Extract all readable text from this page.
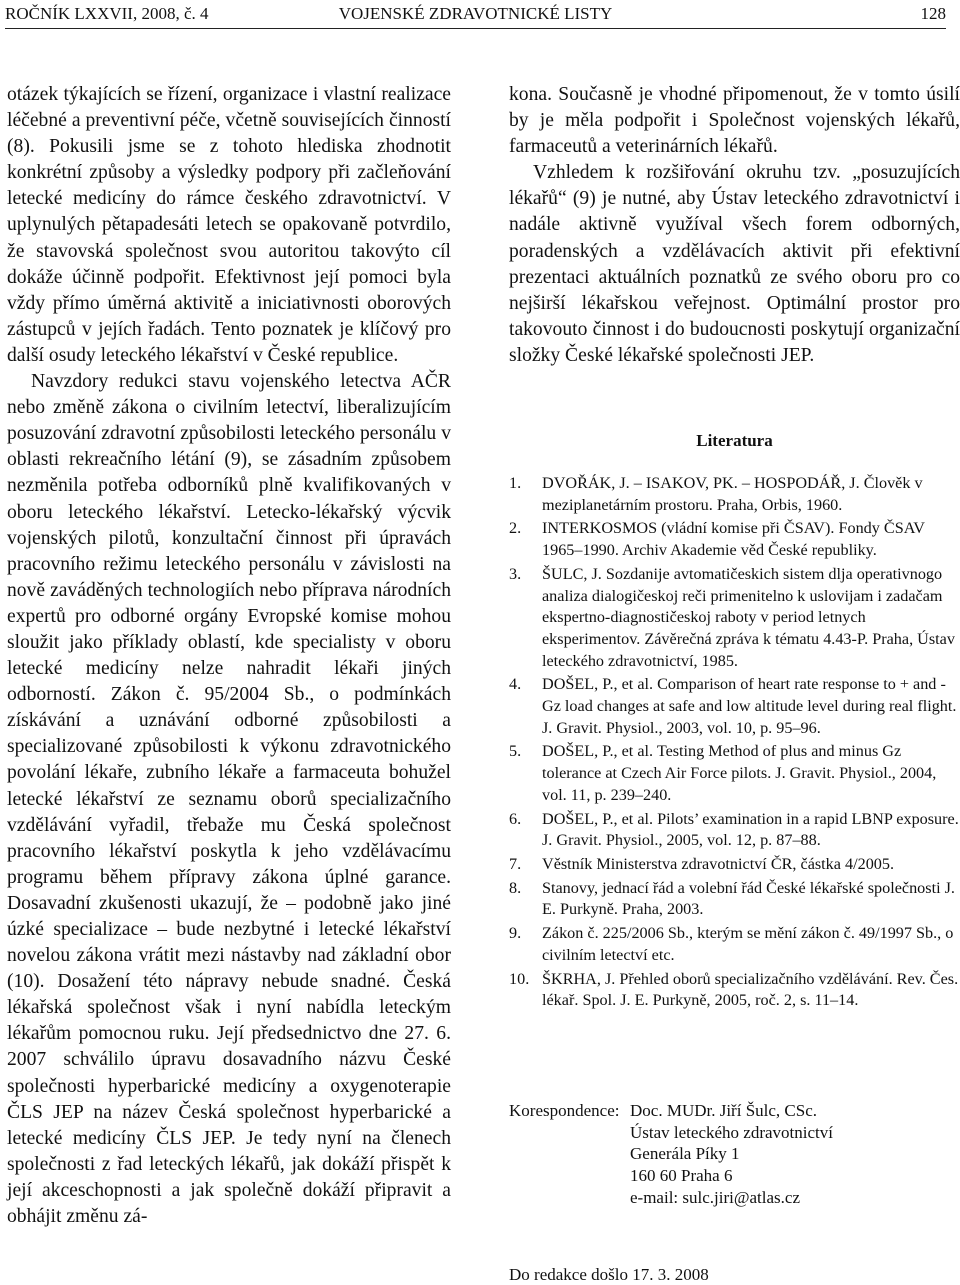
ROČNÍK LXXVII, 2008, č. 4	VOJENSKÉ ZDRAVOTNICKÉ LISTY	128

otázek týkajících se řízení, organizace i vlastní realizace léčebné a preventivní péče, včetně souvisejících činností (8). Pokusili jsme se z tohoto hlediska zhodnotit konkrétní způsoby a výsledky podpory při začleňování letecké medicíny do rámce českého zdravotnictví. V uplynulých pětapadesáti letech se opakovaně potvrdilo, že stavovská společnost svou autoritou takovýto cíl dokáže účinně podpořit. Efektivnost její pomoci byla vždy přímo úměrná aktivitě a iniciativnosti oborových zástupců v jejích řadách. Tento poznatek je klíčový pro další osudy leteckého lékařství v České republice.

Navzdory redukci stavu vojenského letectva AČR nebo změně zákona o civilním letectví, liberalizujícím posuzování zdravotní způsobilosti leteckého personálu v oblasti rekreačního létání (9), se zásadním způsobem nezměnila potřeba odborníků plně kvalifikovaných v oboru leteckého lékařství. Letecko-lékařský výcvik vojenských pilotů, konzultační činnost při úpravách pracovního režimu leteckého personálu v závislosti na nově zaváděných technologiích nebo příprava národních expertů pro odborné orgány Evropské komise mohou sloužit jako příklady oblastí, kde specialisty v oboru letecké medicíny nelze nahradit lékaři jiných odborností. Zákon č. 95/2004 Sb., o podmínkách získávání a uznávání odborné způsobilosti a specializované způsobilosti k výkonu zdravotnického povolání lékaře, zubního lékaře a farmaceuta bohužel letecké lékařství ze seznamu oborů specializačního vzdělávání vyřadil, třebaže mu Česká společnost pracovního lékařství poskytla k jeho vzdělávacímu programu během přípravy zákona úplné garance. Dosavadní zkušenosti ukazují, že – podobně jako jiné úzké specializace – bude nezbytné i letecké lékařství novelou zákona vrátit mezi nástavby nad základní obor (10). Dosažení této nápravy nebude snadné. Česká lékařská společnost však i nyní nabídla leteckým lékařům pomocnou ruku. Její předsednictvo dne 27. 6. 2007 schválilo úpravu dosavadního názvu České společnosti hyperbarické medicíny a oxygenoterapie ČLS JEP na název Česká společnost hyperbarické a letecké medicíny ČLS JEP. Je tedy nyní na členech společnosti z řad leteckých lékařů, jak dokáží přispět k její akceschopnosti a jak společně dokáží připravit a obhájit změnu zá-

kona. Současně je vhodné připomenout, že v tomto úsilí by je měla podpořit i Společnost vojenských lékařů, farmaceutů a veterinárních lékařů.

Vzhledem k rozšiřování okruhu tzv. „posuzujících lékařů“ (9) je nutné, aby Ústav leteckého zdravotnictví i nadále aktivně využíval všech forem odborných, poradenských a vzdělávacích aktivit při efektivní prezentaci aktuálních poznatků ze svého oboru pro co nejširší lékařskou veřejnost. Optimální prostor pro takovouto činnost i do budoucnosti poskytují organizační složky České lékařské společnosti JEP.

Literatura
1. DVOŘÁK, J. – ISAKOV, PK. – HOSPODÁŘ, J. Člověk v meziplanetárním prostoru. Praha, Orbis, 1960.
2. INTERKOSMOS (vládní komise při ČSAV). Fondy ČSAV 1965–1990. Archiv Akademie věd České republiky.
3. ŠULC, J. Sozdanije avtomatičeskich sistem dlja operativnogo analiza dialogičeskoj reči primenitelno k uslovijam i zadačam ekspertno-diagnostičeskoj raboty v period letnych eksperimentov. Závěrečná zpráva k tématu 4.43-P. Praha, Ústav leteckého zdravotnictví, 1985.
4. DOŠEL, P., et al. Comparison of heart rate response to + and -Gz load changes at safe and low altitude level during real flight. J. Gravit. Physiol., 2003, vol. 10, p. 95–96.
5. DOŠEL, P., et al. Testing Method of plus and minus Gz tolerance at Czech Air Force pilots. J. Gravit. Physiol., 2004, vol. 11, p. 239–240.
6. DOŠEL, P., et al. Pilots’ examination in a rapid LBNP exposure. J. Gravit. Physiol., 2005, vol. 12, p. 87–88.
7. Věstník Ministerstva zdravotnictví ČR, částka 4/2005.
8. Stanovy, jednací řád a volební řád České lékařské společnosti J. E. Purkyně. Praha, 2003.
9. Zákon č. 225/2006 Sb., kterým se mění zákon č. 49/1997 Sb., o civilním letectví etc.
10. ŠKRHA, J. Přehled oborů specializačního vzdělávání. Rev. Čes. lékař. Spol. J. E. Purkyně, 2005, roč. 2, s. 11–14.
Korespondence: Doc. MUDr. Jiří Šulc, CSc.
Ústav leteckého zdravotnictví
Generála Píky 1
160 60 Praha 6
e-mail: sulc.jiri@atlas.cz
Do redakce došlo 17. 3. 2008
